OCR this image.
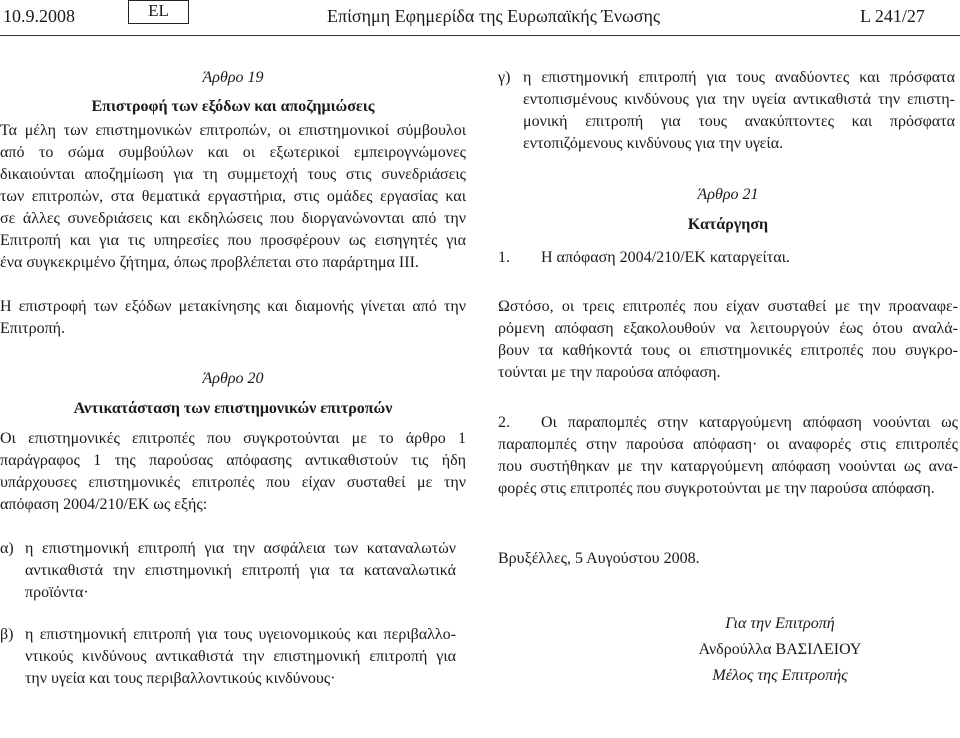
10.9.2008	EL	Επίσημη Εφημερίδα της Ευρωπαϊκής Ένωσης	L 241/27
Άρθρο 19
Επιστροφή των εξόδων και αποζημιώσεις
Τα μέλη των επιστημονικών επιτροπών, οι επιστημονικοί σύμβουλοι
από το σώμα συμβούλων και οι εξωτερικοί εμπειρογνώμονες
δικαιούνται αποζημίωση για τη συμμετοχή τους στις συνεδριάσεις
των επιτροπών, στα θεματικά εργαστήρια, στις ομάδες εργασίας και
σε άλλες συνεδριάσεις και εκδηλώσεις που διοργανώνονται από την
Επιτροπή και για τις υπηρεσίες που προσφέρουν ως εισηγητές για
ένα συγκεκριμένο ζήτημα, όπως προβλέπεται στο παράρτημα III.
Η επιστροφή των εξόδων μετακίνησης και διαμονής γίνεται από την
Επιτροπή.
Άρθρο 20
Αντικατάσταση των επιστημονικών επιτροπών
Οι επιστημονικές επιτροπές που συγκροτούνται με το άρθρο 1
παράγραφος 1 της παρούσας απόφασης αντικαθιστούν τις ήδη
υπάρχουσες επιστημονικές επιτροπές που είχαν συσταθεί με την
απόφαση 2004/210/ΕΚ ως εξής:
α) η επιστημονική επιτροπή για την ασφάλεια των καταναλωτών
αντικαθιστά την επιστημονική επιτροπή για τα καταναλωτικά
προϊόντα·
β) η επιστημονική επιτροπή για τους υγειονομικούς και περιβαλλο-
ντικούς κινδύνους αντικαθιστά την επιστημονική επιτροπή για
την υγεία και τους περιβαλλοντικούς κινδύνους·
γ) η επιστημονική επιτροπή για τους αναδύοντες και πρόσφατα
εντοπισμένους κινδύνους για την υγεία αντικαθιστά την επιστη-
μονική επιτροπή για τους ανακύπτοντες και πρόσφατα
εντοπιζόμενους κινδύνους για την υγεία.
Άρθρο 21
Κατάργηση
1. Η απόφαση 2004/210/ΕΚ καταργείται.
Ωστόσο, οι τρεις επιτροπές που είχαν συσταθεί με την προαναφε-
ρόμενη απόφαση εξακολουθούν να λειτουργούν έως ότου αναλά-
βουν τα καθήκοντά τους οι επιστημονικές επιτροπές που συγκρο-
τούνται με την παρούσα απόφαση.
2.	Οι παραπομπές στην καταργούμενη απόφαση νοούνται ως
παραπομπές στην παρούσα απόφαση· οι αναφορές στις επιτροπές
που συστήθηκαν με την καταργούμενη απόφαση νοούνται ως ανα-
φορές στις επιτροπές που συγκροτούνται με την παρούσα απόφαση.
Βρυξέλλες, 5 Αυγούστου 2008.
Για την Επιτροπή
Ανδρούλλα ΒΑΣΙΛΕΙΟΥ
Μέλος της Επιτροπής
